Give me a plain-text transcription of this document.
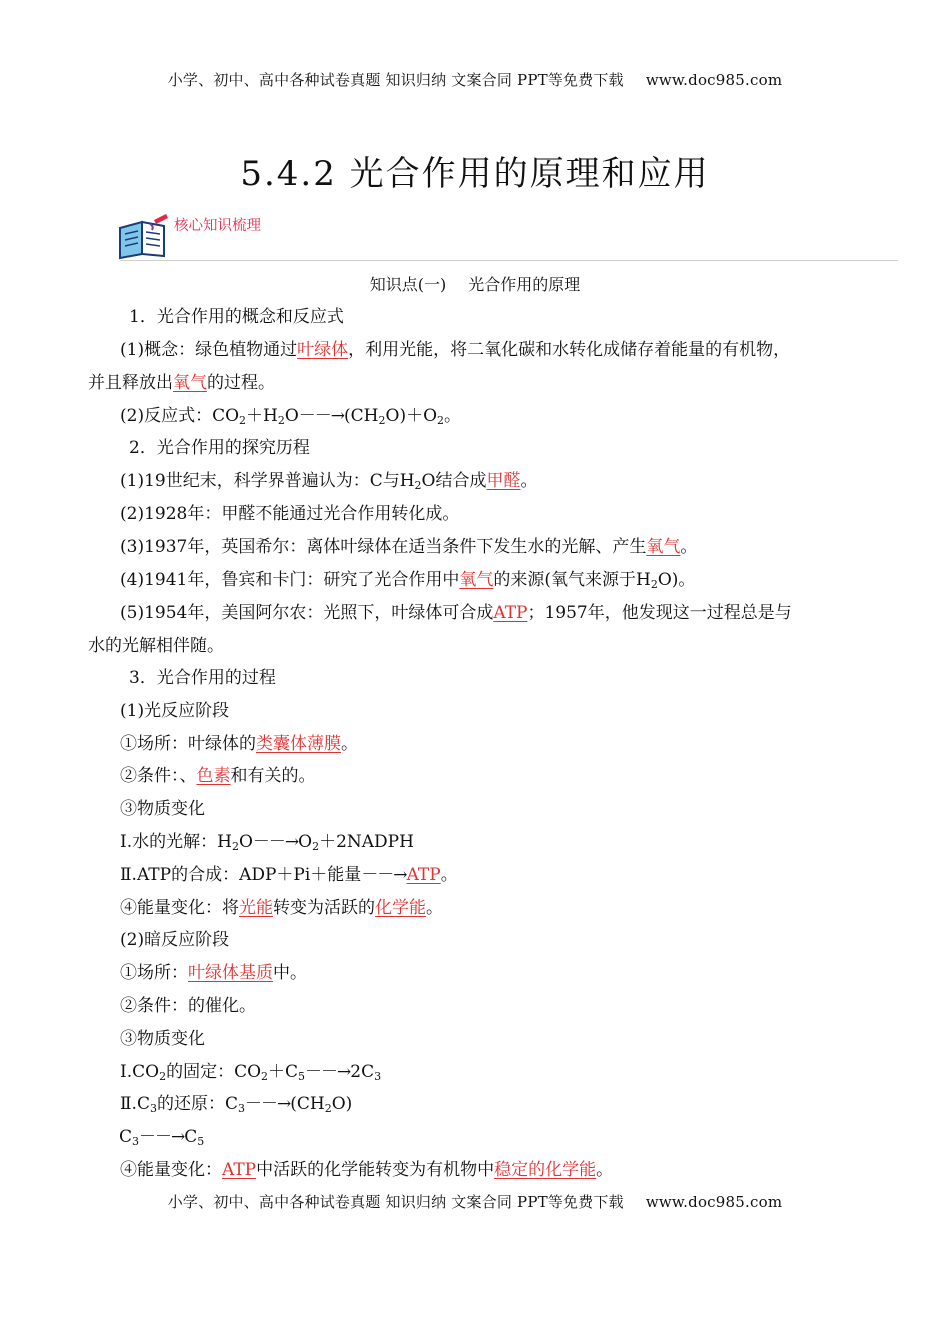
小学、初中、高中各种试卷真题 知识归纳 文案合同 PPT等免费下载 www.doc985.com
5.4.2 光合作用的原理和应用
核心知识梳理
知识点(一) 光合作用的原理
1．光合作用的概念和反应式
(1)概念：绿色植物通过叶绿体，利用光能，将二氧化碳和水转化成储存着能量的有机物，
并且释放出氧气的过程。
(2)反应式：$CO_2+H_2O--\to(CH_2O)+O_2$。
2．光合作用的探究历程
(1)19世纪末，科学界普遍认为：C与$H_2O$结合成甲醛。
(2)1928年：甲醛不能通过光合作用转化成。
(3)1937年，英国希尔：离体叶绿体在适当条件下发生水的光解、产生氧气。
(4)1941年，鲁宾和卡门：研究了光合作用中氧气的来源(氧气来源于$H_2O$)。
(5)1954年，美国阿尔农：光照下，叶绿体可合成ATP；1957年，他发现这一过程总是与
水的光解相伴随。
3．光合作用的过程
(1)光反应阶段
①场所：叶绿体的类囊体薄膜。
②条件：、色素和有关的。
③物质变化
Ⅰ.水的光解：$H_2O--\to O_2+2NADPH$
Ⅱ.ATP的合成：ADP＋Pi＋能量－－→ATP。
④能量变化：将光能转变为活跃的化学能。
(2)暗反应阶段
①场所：叶绿体基质中。
②条件：的催化。
③物质变化
$Ⅰ.CO_2$的固定：$CO_2+C_5--\to 2C_3$
$Ⅱ.C_3$的还原：$C_3--\to(CH_2O)$
$C_3--\to C_5$
④能量变化：ATP中活跃的化学能转变为有机物中稳定的化学能。
小学、初中、高中各种试卷真题 知识归纳 文案合同 PPT等免费下载 www.doc985.com
